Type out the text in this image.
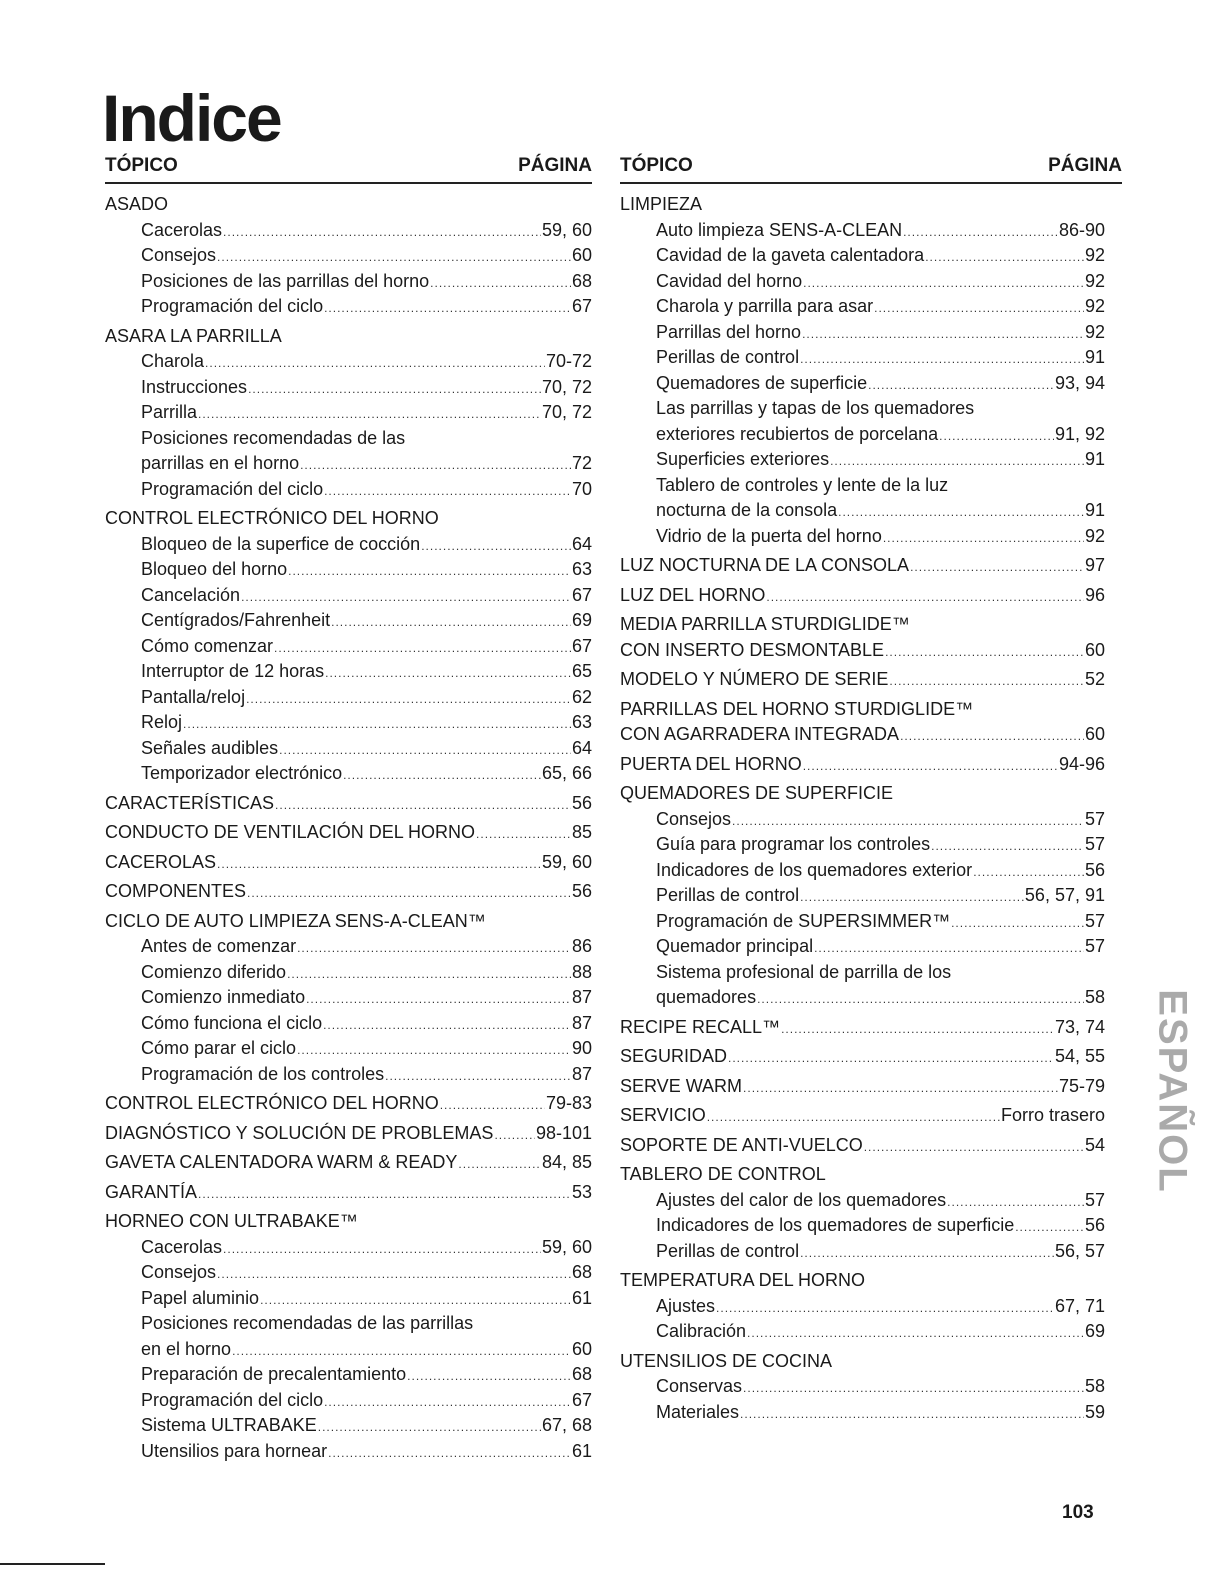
Indice
TÓPICO	PÁGINA
ASADO
Cacerolas .....	59, 60
Consejos .....	60
Posiciones de las parrillas del horno .....	68
Programación del ciclo .....	67
ASARA LA PARRILLA
Charola .....	70-72
Instrucciones .....	70, 72
Parrilla .....	70, 72
Posiciones recomendadas de las
parrillas en el horno .....	72
Programación del ciclo .....	70
CONTROL ELECTRÓNICO DEL HORNO
Bloqueo de la superfice de cocción .....	64
Bloqueo del horno .....	63
Cancelación .....	67
Centígrados/Fahrenheit .....	69
Cómo comenzar .....	67
Interruptor de 12 horas .....	65
Pantalla/reloj .....	62
Reloj .....	63
Señales audibles .....	64
Temporizador electrónico .....	65, 66
CARACTERÍSTICAS .....	56
CONDUCTO DE VENTILACIÓN DEL HORNO .....	85
CACEROLAS .....	59, 60
COMPONENTES .....	56
CICLO DE AUTO LIMPIEZA SENS-A-CLEAN™
Antes de comenzar .....	86
Comienzo diferido .....	88
Comienzo inmediato .....	87
Cómo funciona el ciclo .....	87
Cómo parar el ciclo .....	90
Programación de los controles .....	87
CONTROL ELECTRÓNICO DEL HORNO .....	79-83
DIAGNÓSTICO Y SOLUCIÓN DE PROBLEMAS ..... 98-101
GAVETA CALENTADORA WARM & READY .....	84, 85
GARANTÍA .....	53
HORNEO CON ULTRABAKE™
Cacerolas .....	59, 60
Consejos .....	68
Papel aluminio .....	61
Posiciones recomendadas de las parrillas
en el horno .....	60
Preparación de precalentamiento .....	68
Programación del ciclo .....	67
Sistema ULTRABAKE .....	67, 68
Utensilios para hornear .....	61
TÓPICO	PÁGINA
LIMPIEZA
Auto limpieza SENS-A-CLEAN .....	86-90
Cavidad de la gaveta calentadora .....	92
Cavidad del horno .....	92
Charola y parrilla para asar .....	92
Parrillas del horno .....	92
Perillas de control .....	91
Quemadores de superficie .....	93, 94
Las parrillas y tapas de los quemadores
exteriores recubiertos de porcelana .....	91, 92
Superficies exteriores .....	91
Tablero de controles y lente de la luz
nocturna de la consola .....	91
Vidrio de la puerta del horno .....	92
LUZ NOCTURNA DE LA CONSOLA .....	97
LUZ DEL HORNO .....	96
MEDIA PARRILLA STURDIGLIDE™
CON INSERTO DESMONTABLE .....	60
MODELO Y NÚMERO DE SERIE .....	52
PARRILLAS DEL HORNO STURDIGLIDE™
CON AGARRADERA INTEGRADA .....	60
PUERTA DEL HORNO .....	94-96
QUEMADORES DE SUPERFICIE
Consejos .....	57
Guía para programar los controles .....	57
Indicadores de los quemadores exterior .....	56
Perillas de control .....	56, 57, 91
Programación de SUPERSIMMER™ .....	57
Quemador principal .....	57
Sistema profesional de parrilla de los
quemadores .....	58
RECIPE RECALL™ .....	73, 74
SEGURIDAD .....	54, 55
SERVE WARM .....	75-79
SERVICIO .....	Forro trasero
SOPORTE DE ANTI-VUELCO .....	54
TABLERO DE CONTROL
Ajustes del calor de los quemadores .....	57
Indicadores de los quemadores de superficie .....	56
Perillas de control .....	56, 57
TEMPERATURA DEL HORNO
Ajustes .....	67, 71
Calibración .....	69
UTENSILIOS DE COCINA
Conservas .....	58
Materiales .....	59
ESPAÑOL
103
